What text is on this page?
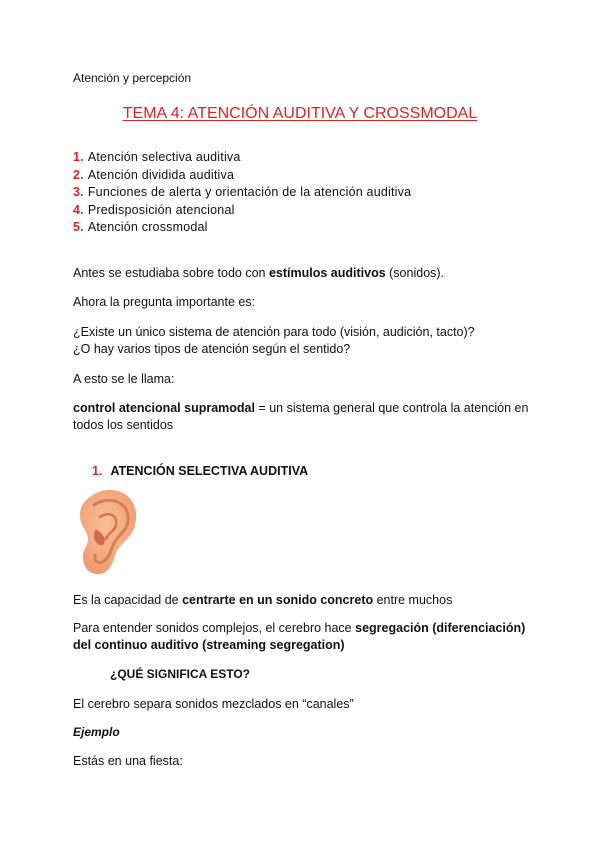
Atención y percepción
TEMA 4: ATENCIÓN AUDITIVA Y CROSSMODAL
1. Atención selectiva auditiva
2. Atención dividida auditiva
3. Funciones de alerta y orientación de la atención auditiva
4. Predisposición atencional
5. Atención crossmodal

Antes se estudiaba sobre todo con estímulos auditivos (sonidos).

Ahora la pregunta importante es:

¿Existe un único sistema de atención para todo (visión, audición, tacto)?
¿O hay varios tipos de atención según el sentido?

A esto se le llama:

control atencional supramodal = un sistema general que controla la atención en todos los sentidos

1. ATENCIÓN SELECTIVA AUDITIVA

Es la capacidad de centrarte en un sonido concreto entre muchos

Para entender sonidos complejos, el cerebro hace segregación (diferenciación) del continuo auditivo (streaming segregation)

¿QUÉ SIGNIFICA ESTO?

El cerebro separa sonidos mezclados en “canales”

Ejemplo

Estás en una fiesta:
